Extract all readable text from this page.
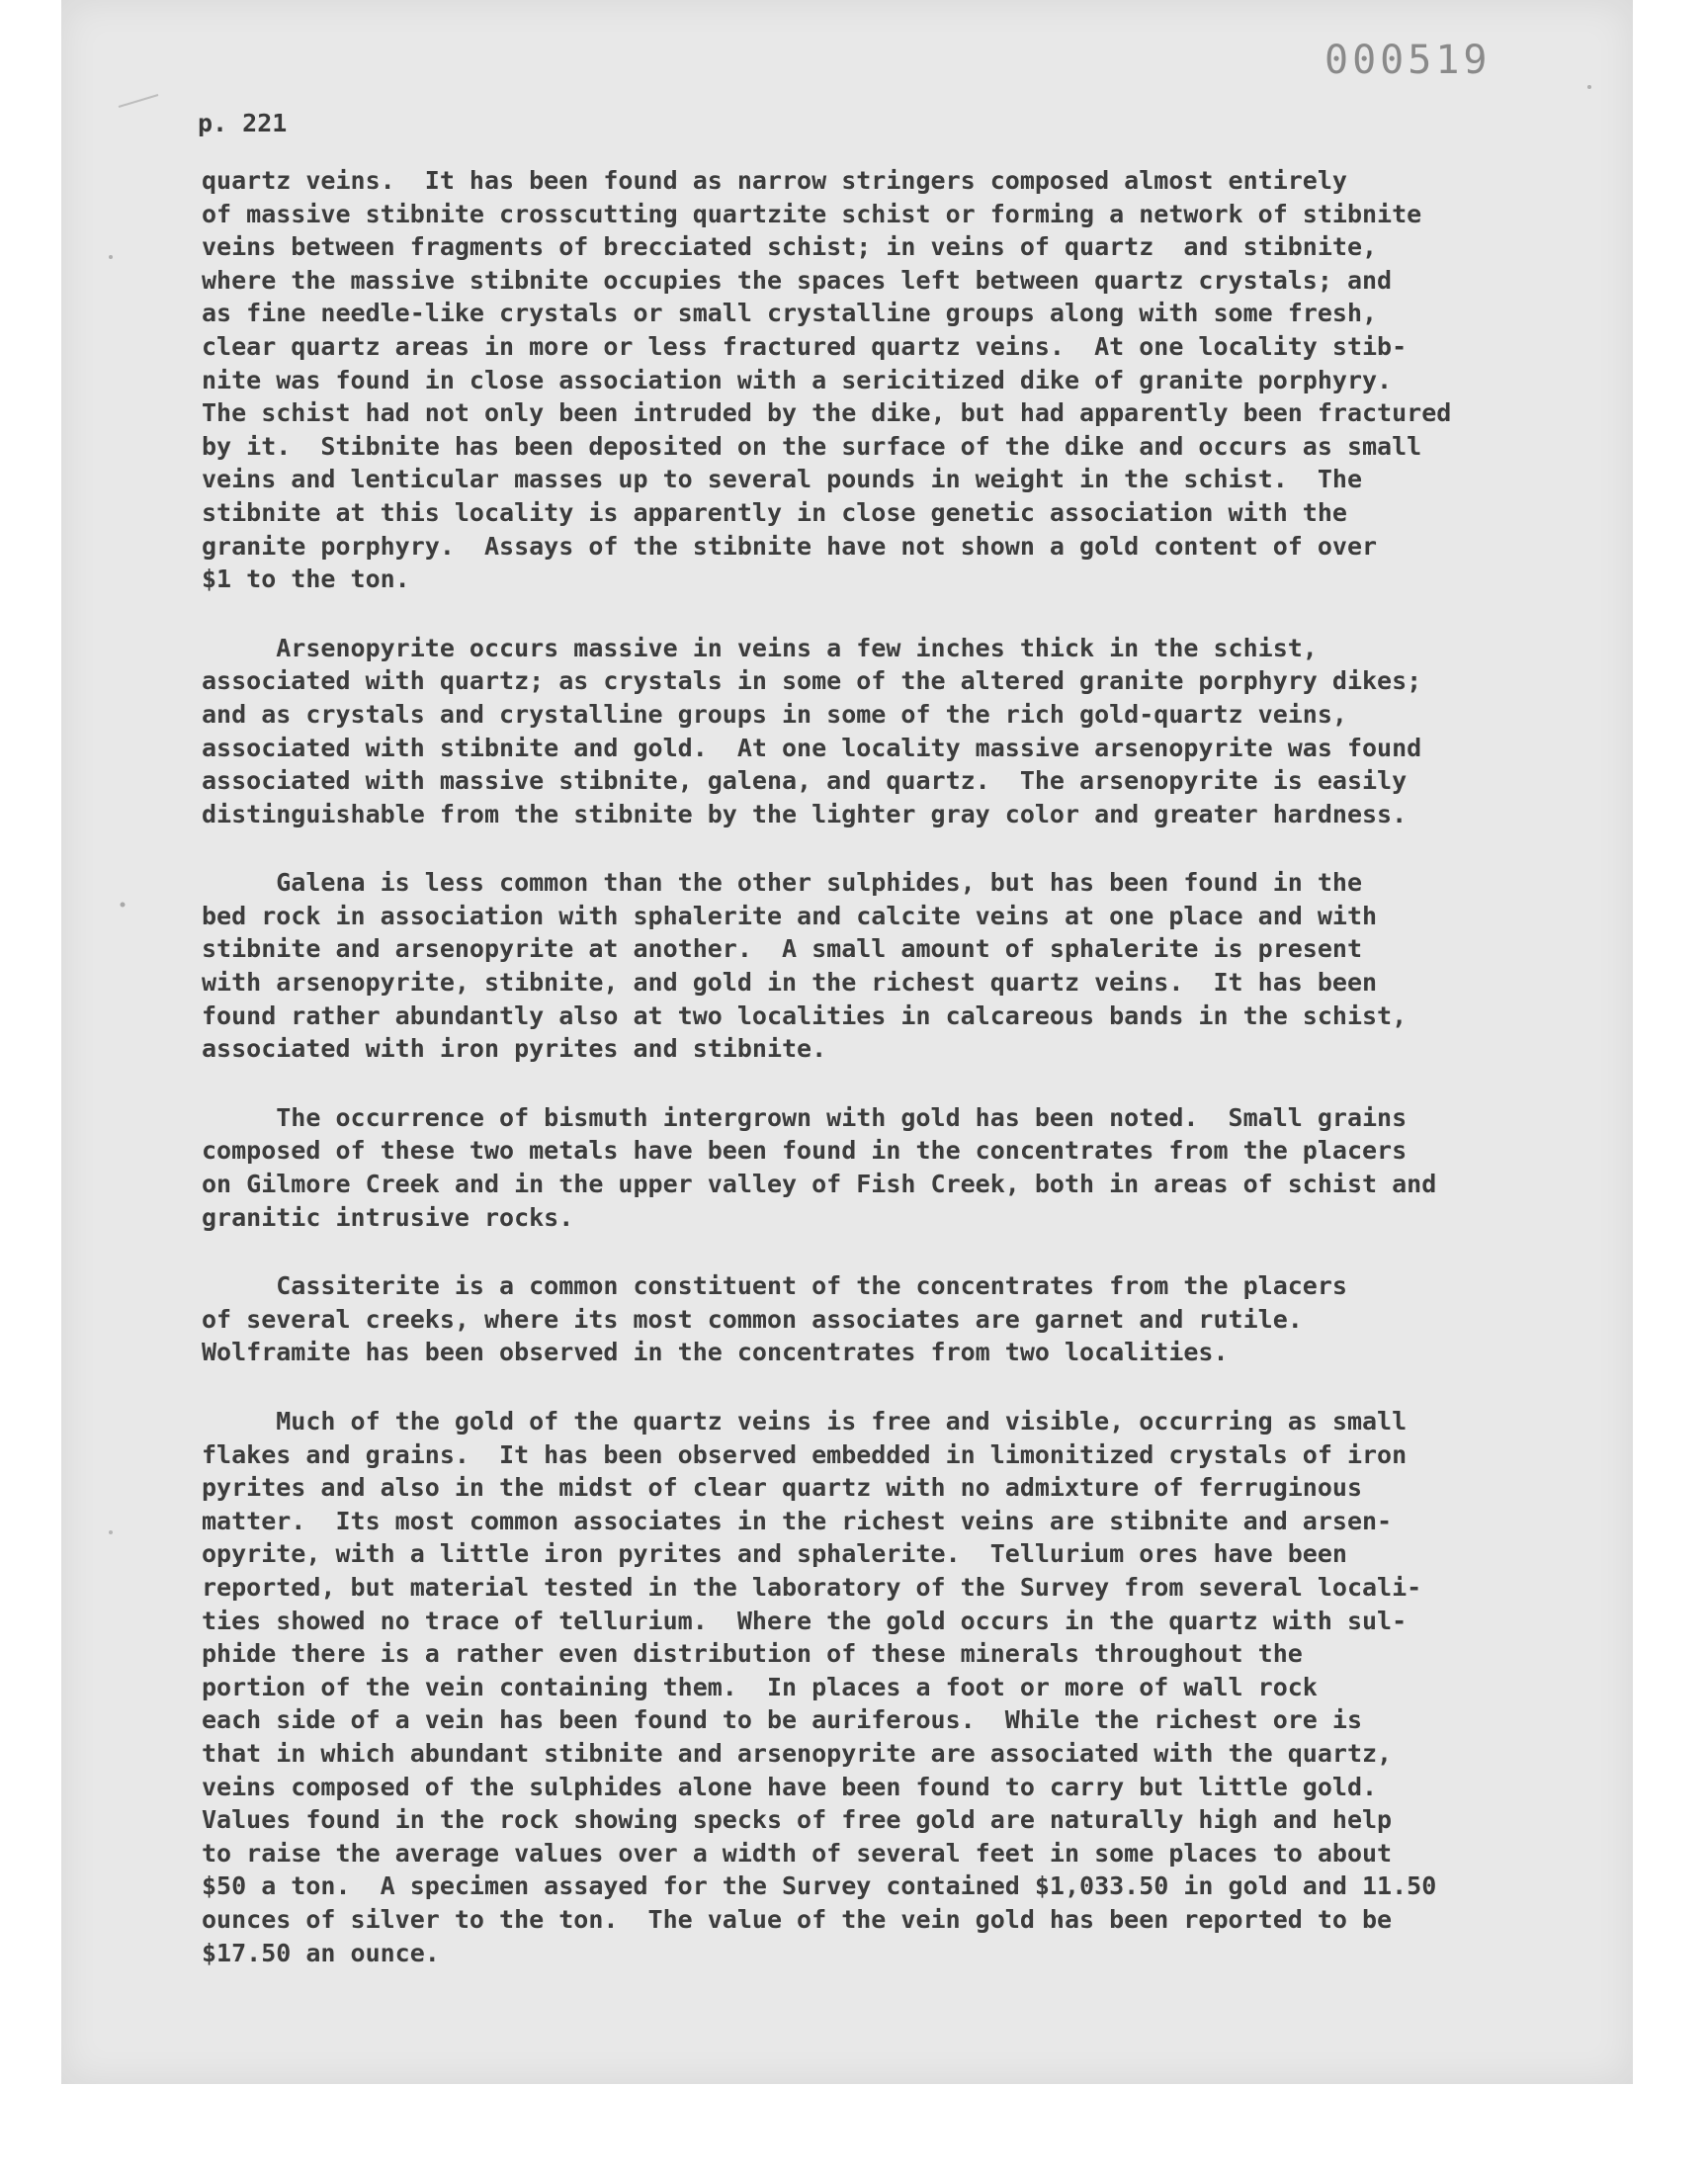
000519
p. 221
quartz veins.  It has been found as narrow stringers composed almost entirely
of massive stibnite crosscutting quartzite schist or forming a network of stibnite
veins between fragments of brecciated schist; in veins of quartz  and stibnite,
where the massive stibnite occupies the spaces left between quartz crystals; and
as fine needle-like crystals or small crystalline groups along with some fresh,
clear quartz areas in more or less fractured quartz veins.  At one locality stib-
nite was found in close association with a sericitized dike of granite porphyry.
The schist had not only been intruded by the dike, but had apparently been fractured
by it.  Stibnite has been deposited on the surface of the dike and occurs as small
veins and lenticular masses up to several pounds in weight in the schist.  The
stibnite at this locality is apparently in close genetic association with the
granite porphyry.  Assays of the stibnite have not shown a gold content of over
$1 to the ton.
Arsenopyrite occurs massive in veins a few inches thick in the schist,
associated with quartz; as crystals in some of the altered granite porphyry dikes;
and as crystals and crystalline groups in some of the rich gold-quartz veins,
associated with stibnite and gold.  At one locality massive arsenopyrite was found
associated with massive stibnite, galena, and quartz.  The arsenopyrite is easily
distinguishable from the stibnite by the lighter gray color and greater hardness.
Galena is less common than the other sulphides, but has been found in the
bed rock in association with sphalerite and calcite veins at one place and with
stibnite and arsenopyrite at another.  A small amount of sphalerite is present
with arsenopyrite, stibnite, and gold in the richest quartz veins.  It has been
found rather abundantly also at two localities in calcareous bands in the schist,
associated with iron pyrites and stibnite.
The occurrence of bismuth intergrown with gold has been noted.  Small grains
composed of these two metals have been found in the concentrates from the placers
on Gilmore Creek and in the upper valley of Fish Creek, both in areas of schist and
granitic intrusive rocks.
Cassiterite is a common constituent of the concentrates from the placers
of several creeks, where its most common associates are garnet and rutile.
Wolframite has been observed in the concentrates from two localities.
Much of the gold of the quartz veins is free and visible, occurring as small
flakes and grains.  It has been observed embedded in limonitized crystals of iron
pyrites and also in the midst of clear quartz with no admixture of ferruginous
matter.  Its most common associates in the richest veins are stibnite and arsen-
opyrite, with a little iron pyrites and sphalerite.  Tellurium ores have been
reported, but material tested in the laboratory of the Survey from several locali-
ties showed no trace of tellurium.  Where the gold occurs in the quartz with sul-
phide there is a rather even distribution of these minerals throughout the
portion of the vein containing them.  In places a foot or more of wall rock
each side of a vein has been found to be auriferous.  While the richest ore is
that in which abundant stibnite and arsenopyrite are associated with the quartz,
veins composed of the sulphides alone have been found to carry but little gold.
Values found in the rock showing specks of free gold are naturally high and help
to raise the average values over a width of several feet in some places to about
$50 a ton.  A specimen assayed for the Survey contained $1,033.50 in gold and 11.50
ounces of silver to the ton.  The value of the vein gold has been reported to be
$17.50 an ounce.
